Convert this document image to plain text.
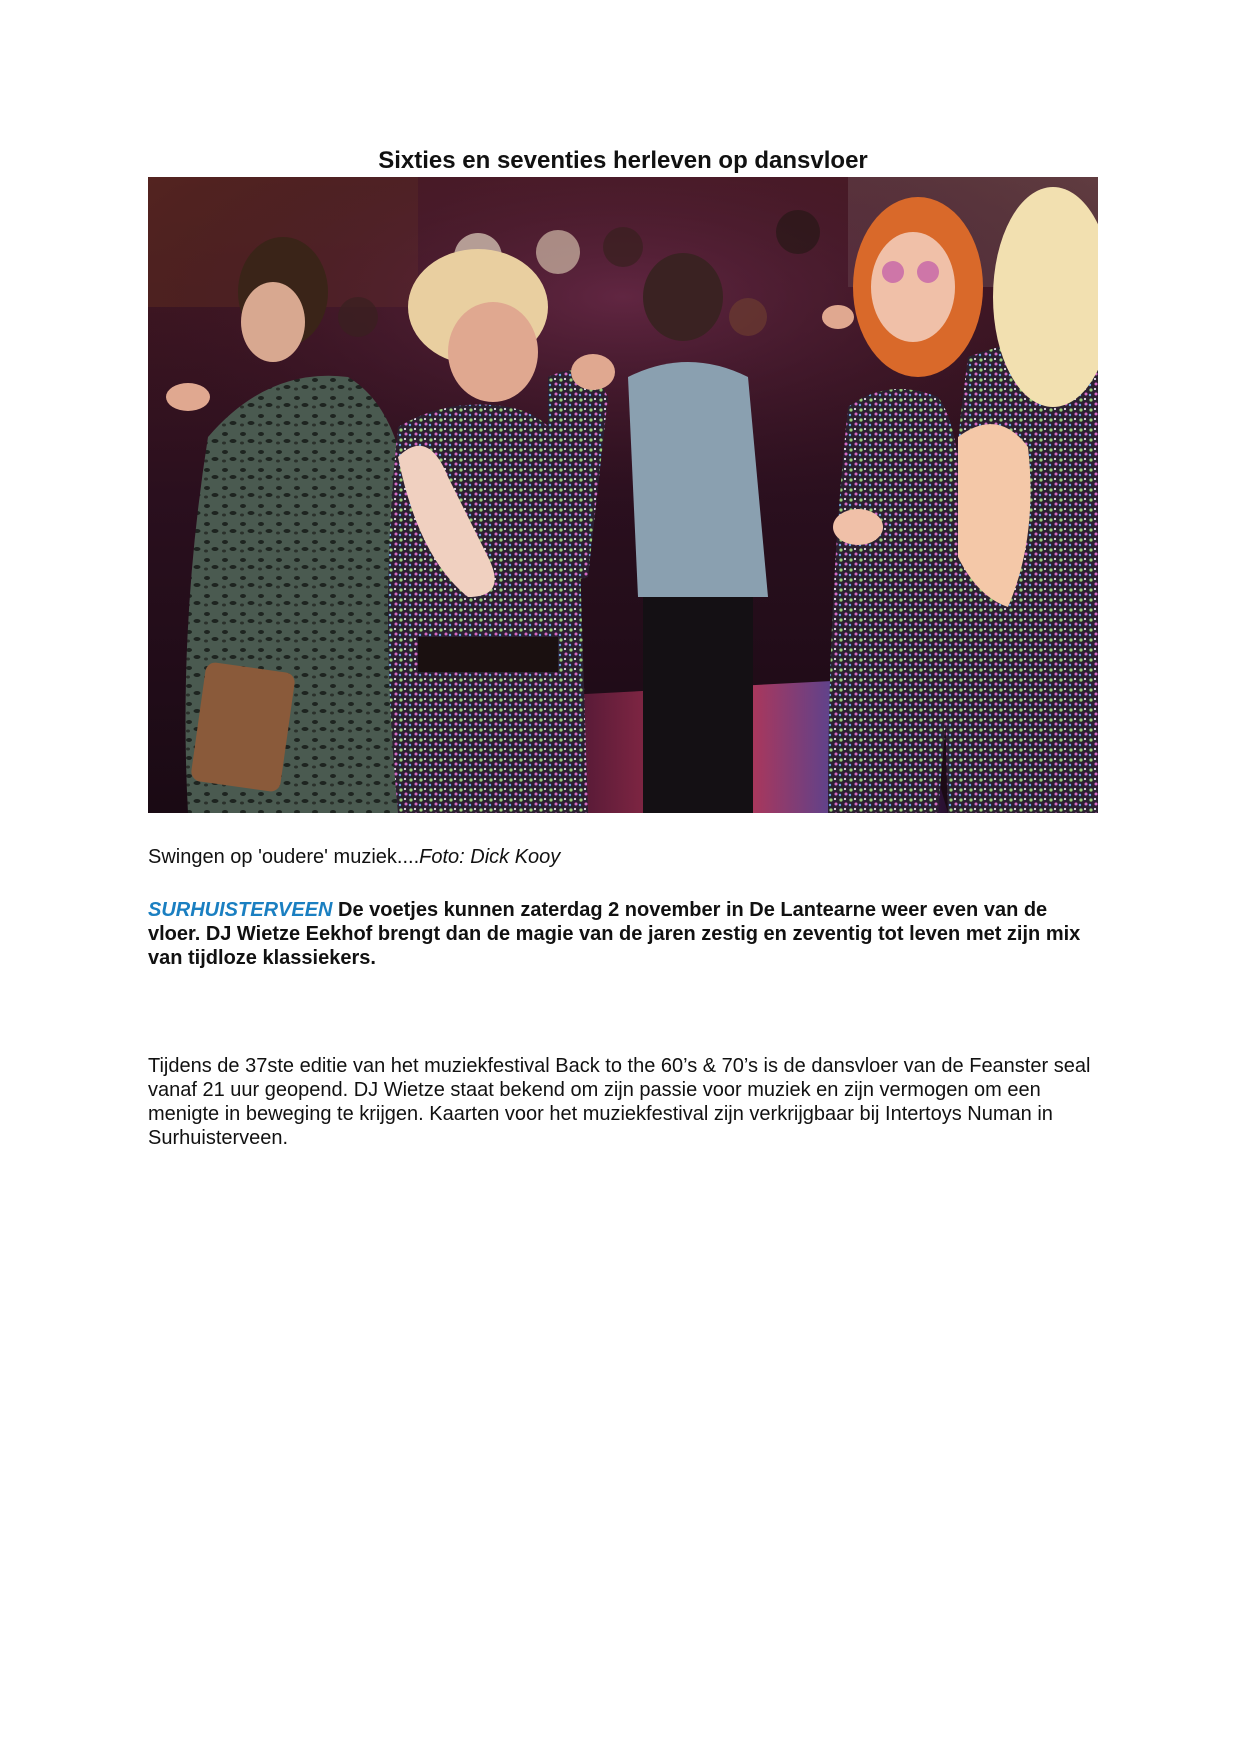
Sixties en seventies herleven op dansvloer

Swingen op 'oudere' muziek....Foto: Dick Kooy

SURHUISTERVEEN De voetjes kunnen zaterdag 2 november in De Lantearne weer even van de vloer. DJ Wietze Eekhof brengt dan de magie van de jaren zestig en zeventig tot leven met zijn mix van tijdloze klassiekers.

Tijdens de 37ste editie van het muziekfestival Back to the 60’s & 70’s is de dansvloer van de Feanster seal vanaf 21 uur geopend. DJ Wietze staat bekend om zijn passie voor muziek en zijn vermogen om een menigte in beweging te krijgen. Kaarten voor het muziekfestival zijn verkrijgbaar bij Intertoys Numan in Surhuisterveen.
